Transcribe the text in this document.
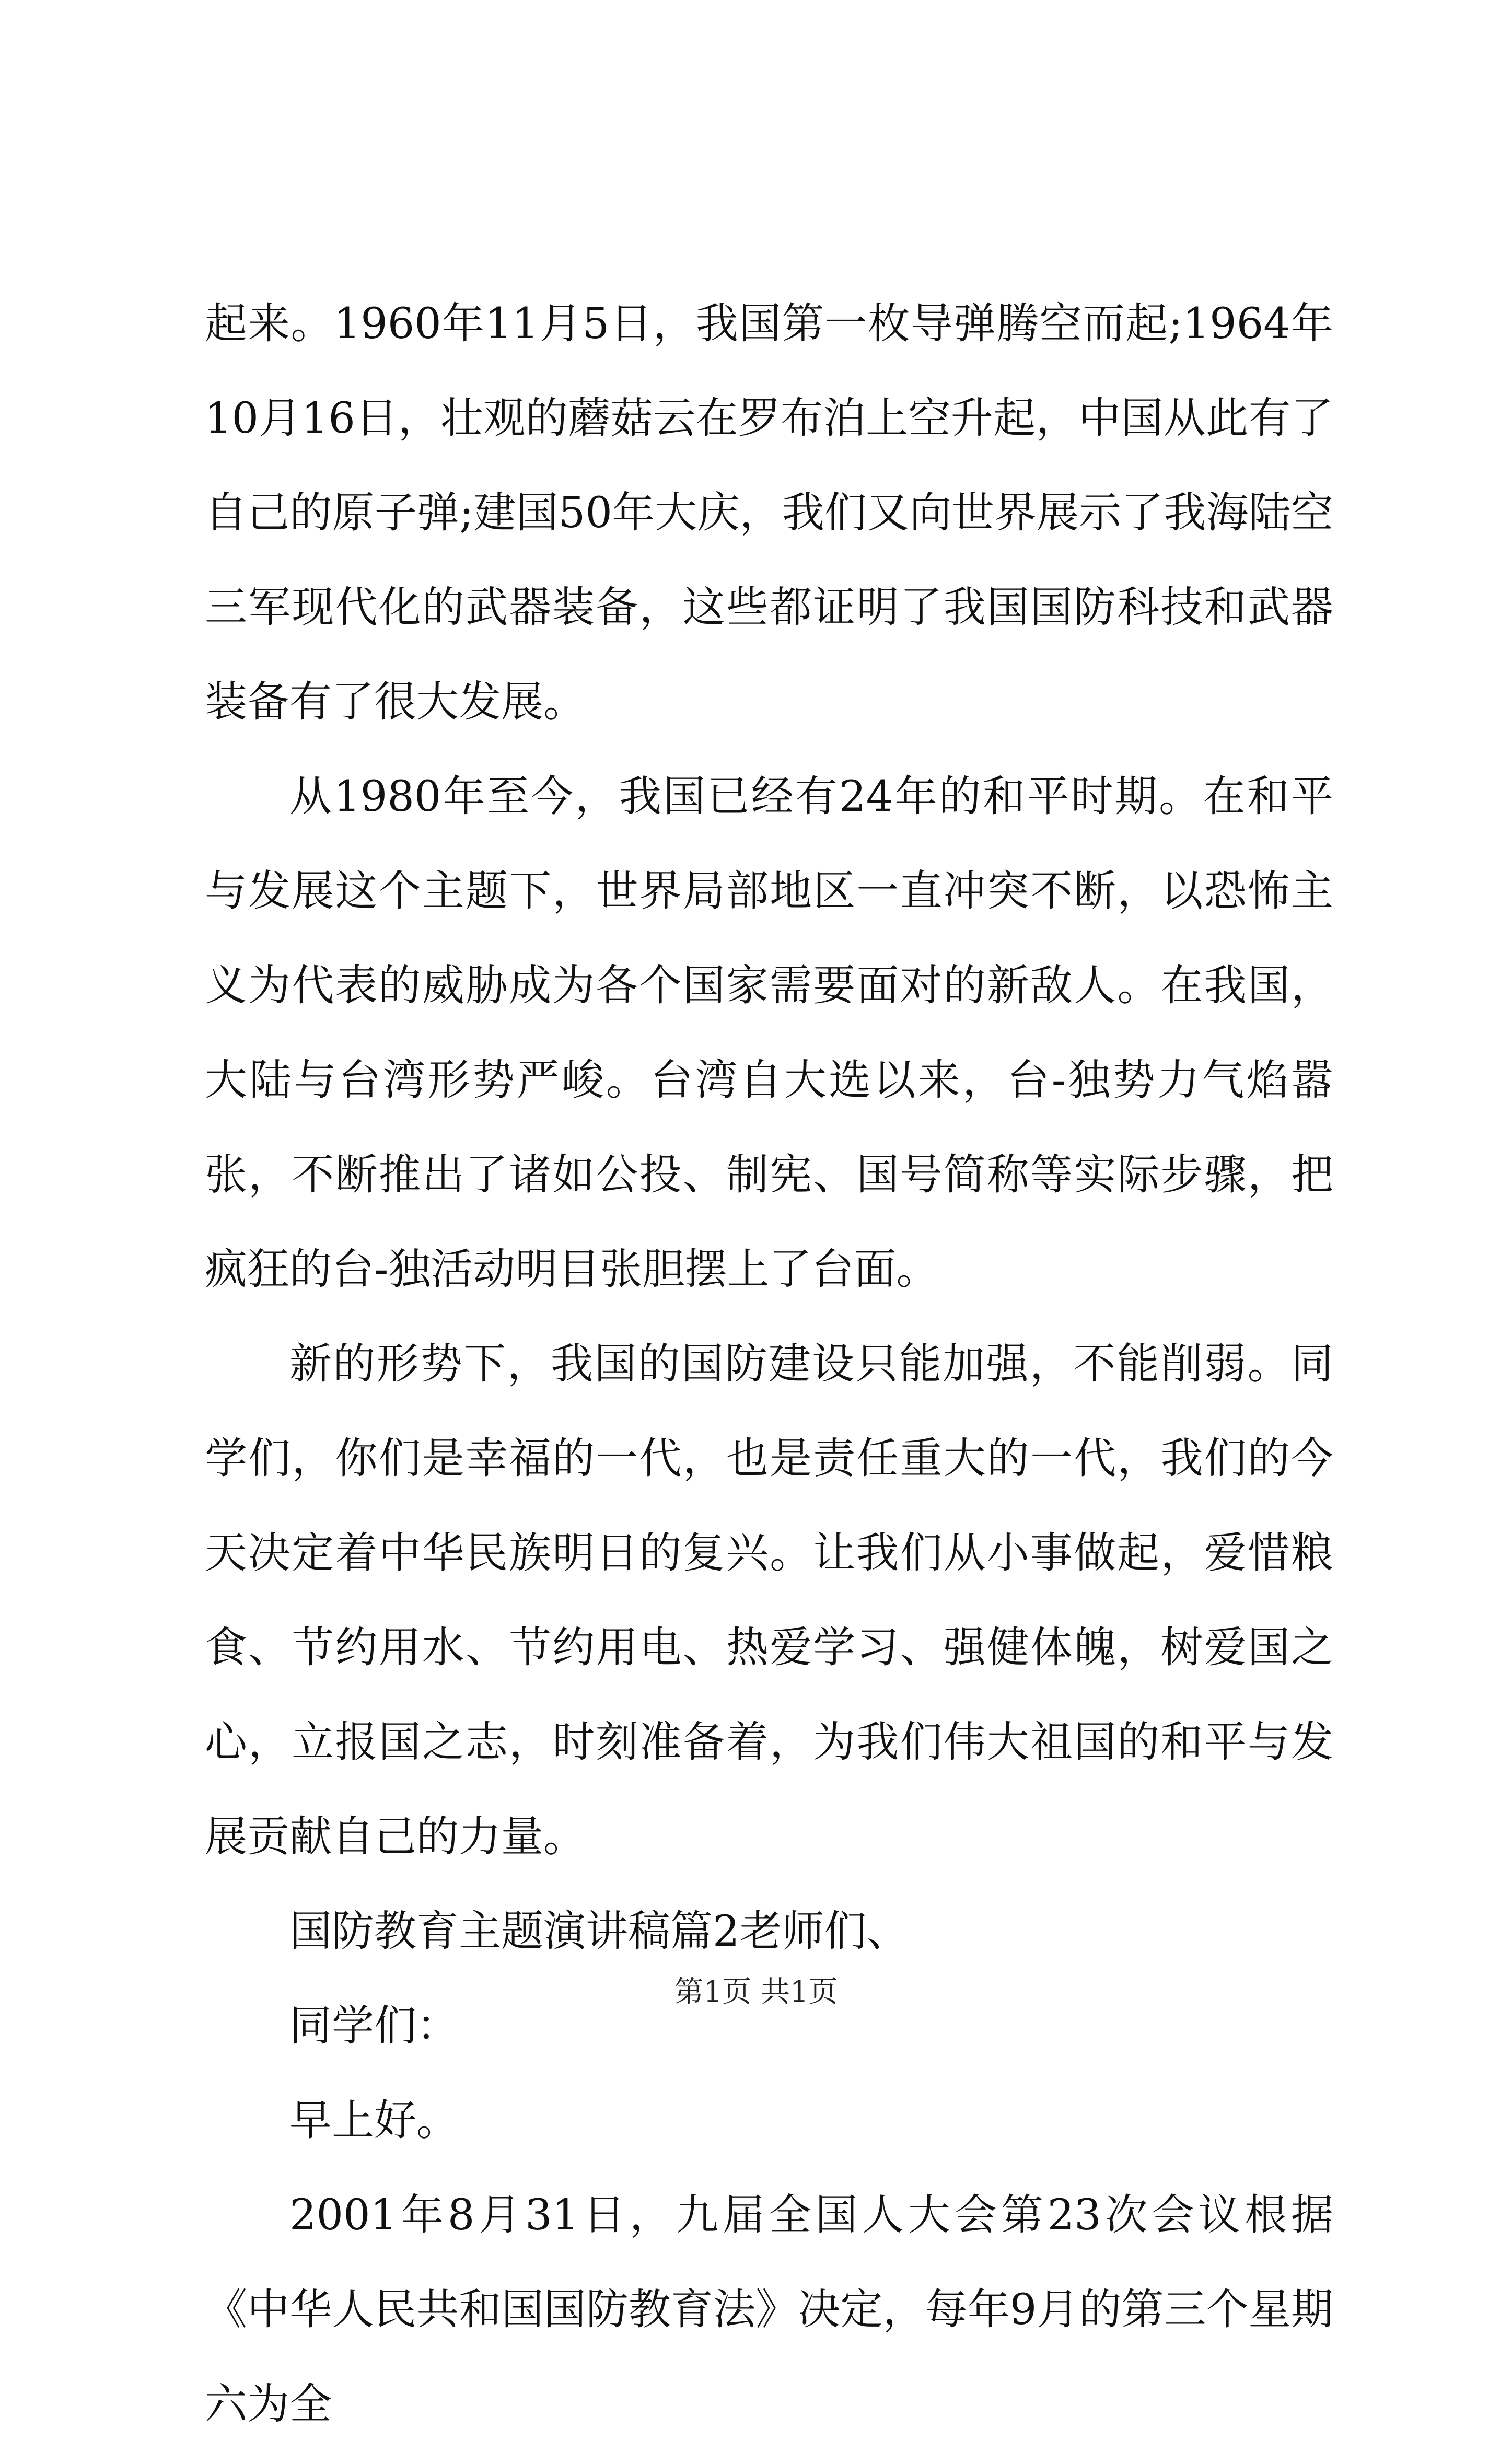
起来。1960年11月5日，我国第一枚导弹腾空而起;1964年10月16日，壮观的蘑菇云在罗布泊上空升起，中国从此有了自己的原子弹;建国50年大庆，我们又向世界展示了我海陆空三军现代化的武器装备，这些都证明了我国国防科技和武器装备有了很大发展。

从1980年至今，我国已经有24年的和平时期。在和平与发展这个主题下，世界局部地区一直冲突不断，以恐怖主义为代表的威胁成为各个国家需要面对的新敌人。在我国，大陆与台湾形势严峻。台湾自大选以来，台-独势力气焰嚣张，不断推出了诸如公投、制宪、国号简称等实际步骤，把疯狂的台-独活动明目张胆摆上了台面。

新的形势下，我国的国防建设只能加强，不能削弱。同学们，你们是幸福的一代，也是责任重大的一代，我们的今天决定着中华民族明日的复兴。让我们从小事做起，爱惜粮食、节约用水、节约用电、热爱学习、强健体魄，树爱国之心，立报国之志，时刻准备着，为我们伟大祖国的和平与发展贡献自己的力量。

国防教育主题演讲稿篇2老师们、

同学们：

早上好。

2001年8月31日，九届全国人大会第23次会议根据《中华人民共和国国防教育法》决定，每年9月的第三个星期六为全

第1页 共1页
